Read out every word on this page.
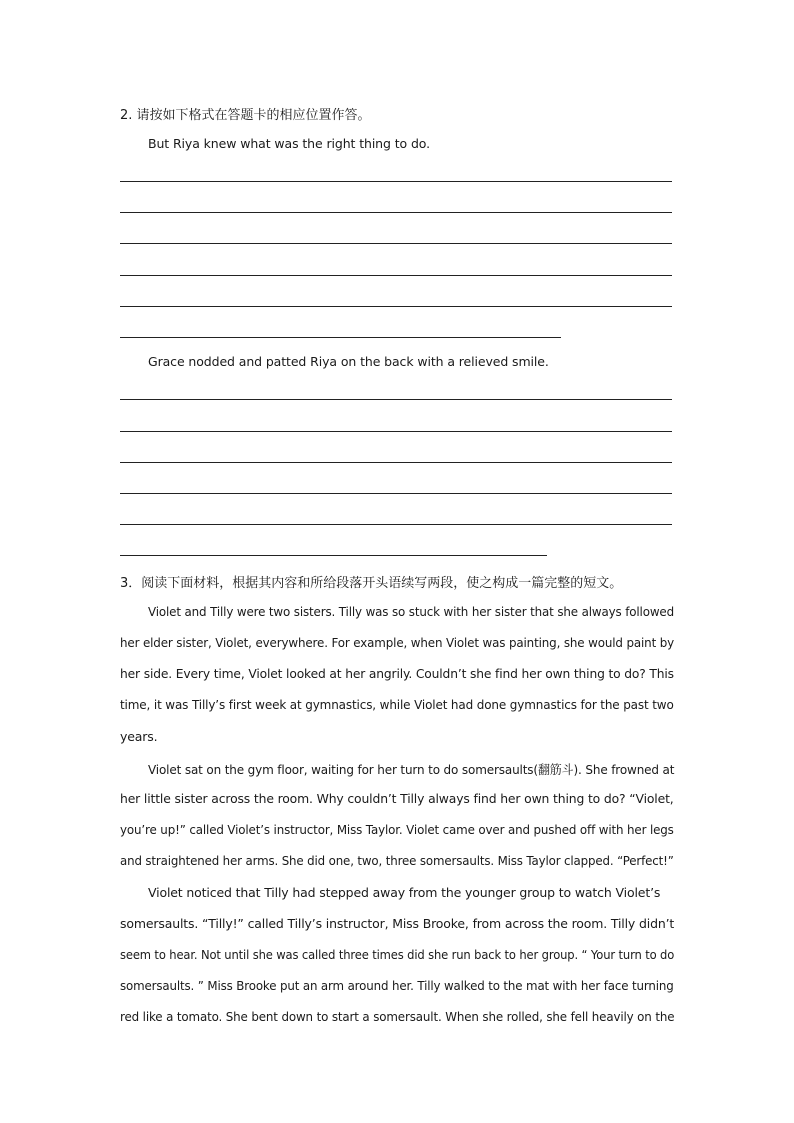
2. 请按如下格式在答题卡的相应位置作答。
But Riya knew what was the right thing to do.
Grace nodded and patted Riya on the back with a relieved smile.
3．阅读下面材料，根据其内容和所给段落开头语续写两段，使之构成一篇完整的短文。
Violet and Tilly were two sisters. Tilly was so stuck with her sister that she always followed
her elder sister, Violet, everywhere. For example, when Violet was painting, she would paint by
her side. Every time, Violet looked at her angrily. Couldn’t she find her own thing to do? This
time, it was Tilly’s first week at gymnastics, while Violet had done gymnastics for the past two
years.
Violet sat on the gym floor, waiting for her turn to do somersaults(翻筋斗). She frowned at
her little sister across the room. Why couldn’t Tilly always find her own thing to do? “Violet,
you’re up!” called Violet’s instructor, Miss Taylor. Violet came over and pushed off with her legs
and straightened her arms. She did one, two, three somersaults. Miss Taylor clapped. “Perfect!”
Violet noticed that Tilly had stepped away from the younger group to watch Violet’s
somersaults. “Tilly!” called Tilly’s instructor, Miss Brooke, from across the room. Tilly didn’t
seem to hear. Not until she was called three times did she run back to her group. “ Your turn to do
somersaults. ” Miss Brooke put an arm around her. Tilly walked to the mat with her face turning
red like a tomato. She bent down to start a somersault. When she rolled, she fell heavily on the
